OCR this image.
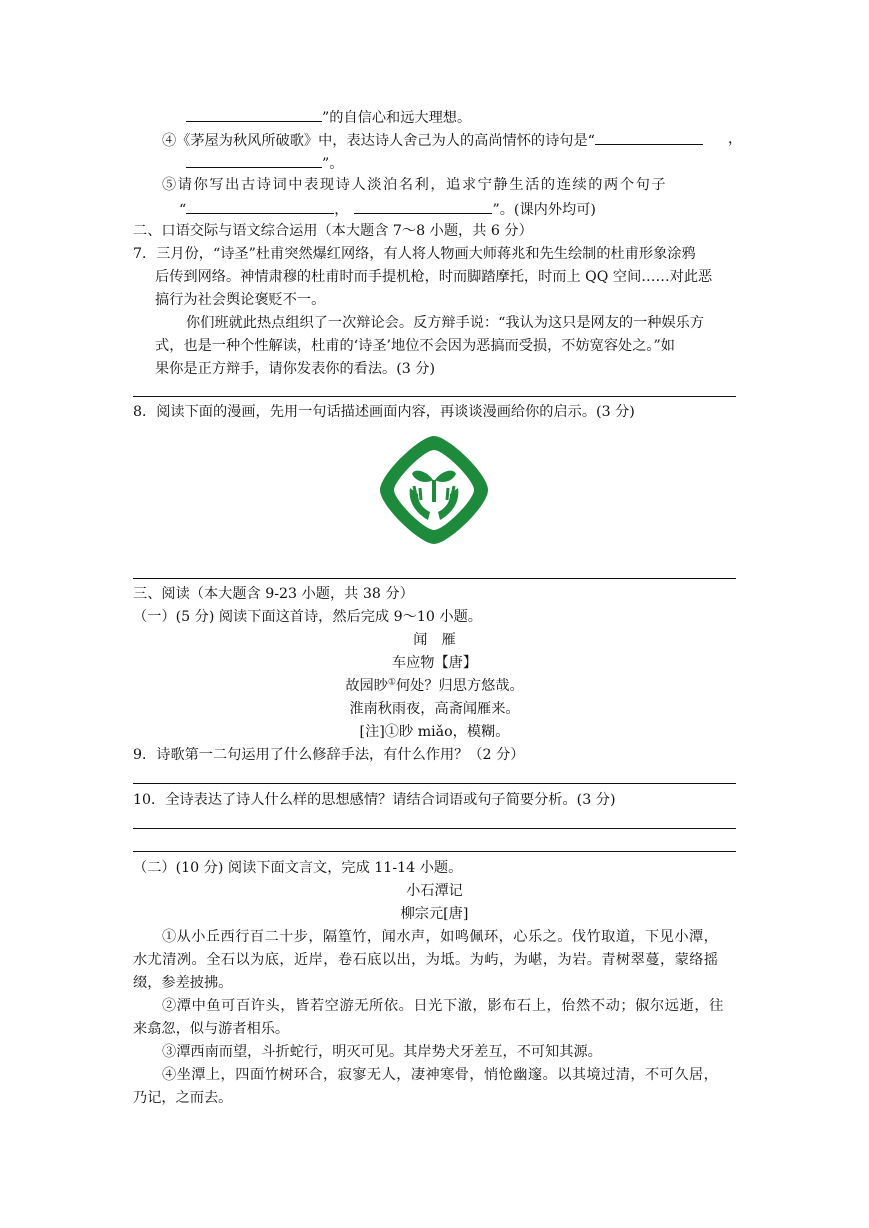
”的自信心和远大理想。
④《茅屋为秋风所破歌》中，表达诗人舍己为人的高尚情怀的诗句是“	，
”。
⑤请你写出古诗词中表现诗人淡泊名利，追求宁静生活的连续的两个句子
“	，	”。(课内外均可)
二、口语交际与语文综合运用（本大题含 7～8 小题，共 6 分）
7．三月份，“诗圣”杜甫突然爆红网络，有人将人物画大师蒋兆和先生绘制的杜甫形象涂鸦
后传到网络。神情肃穆的杜甫时而手提机枪，时而脚踏摩托，时而上 QQ 空间……对此恶
搞行为社会舆论褒贬不一。
你们班就此热点组织了一次辩论会。反方辩手说：“我认为这只是网友的一种娱乐方
式，也是一种个性解读，杜甫的‘诗圣’地位不会因为恶搞而受损，不妨宽容处之。”如
果你是正方辩手，请你发表你的看法。(3 分)
8．阅读下面的漫画，先用一句话描述画面内容，再谈谈漫画给你的启示。(3 分)
三、阅读（本大题含 9-23 小题，共 38 分）
（一）(5 分) 阅读下面这首诗，然后完成 9～10 小题。
闻　雁
车应物【唐】
故园眇①何处？归思方悠哉。
淮南秋雨夜，高斋闻雁来。
[注]①眇 miǎo，模糊。
9．诗歌第一二句运用了什么修辞手法，有什么作用？（2 分）
10．全诗表达了诗人什么样的思想感情？请结合词语或句子简要分析。(3 分)
（二）(10 分) 阅读下面文言文，完成 11-14 小题。
小石潭记
柳宗元[唐]
①从小丘西行百二十步，隔篁竹，闻水声，如鸣佩环，心乐之。伐竹取道，下见小潭，
水尤清冽。全石以为底，近岸，卷石底以出，为坻。为屿，为嵁，为岩。青树翠蔓，蒙络摇
缀，参差披拂。
②潭中鱼可百许头，皆若空游无所依。日光下澈，影布石上，佁然不动；俶尔远逝，往
来翕忽，似与游者相乐。
③潭西南而望，斗折蛇行，明灭可见。其岸势犬牙差互，不可知其源。
④坐潭上，四面竹树环合，寂寥无人，凄神寒骨，悄怆幽邃。以其境过清，不可久居，
乃记，之而去。
